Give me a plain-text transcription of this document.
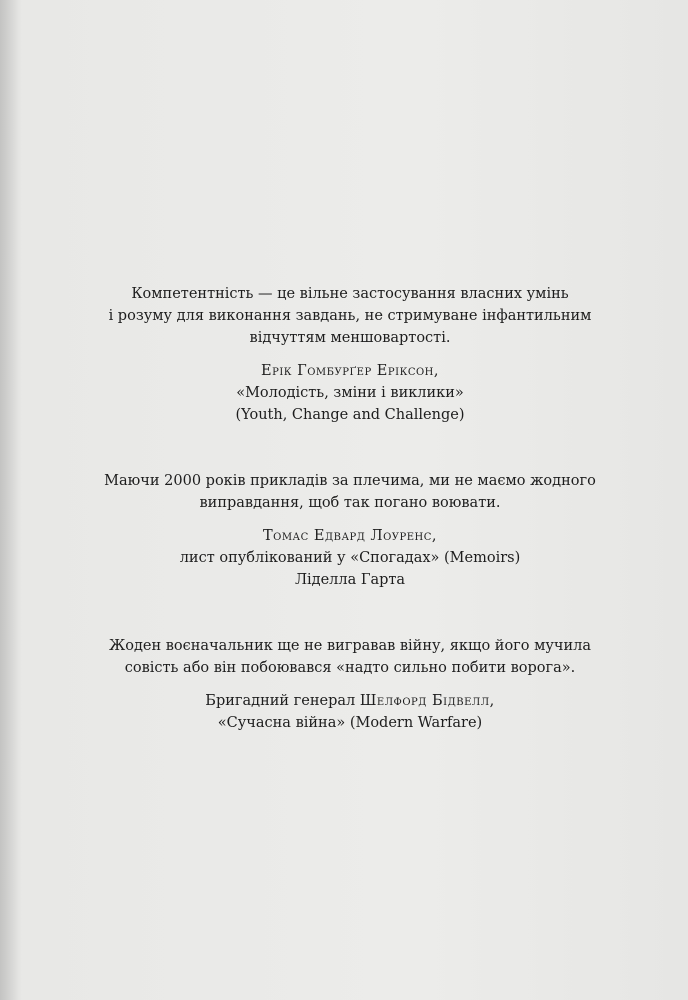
Компетентність — це вільне застосування власних умінь
і розуму для виконання завдань, не стримуване інфантильним
відчуттям меншовартості.
Ерік Гомбурґер Еріксон,
«Молодість, зміни і виклики»
(Youth, Change and Challenge)
Маючи 2000 років прикладів за плечима, ми не маємо жодного
виправдання, щоб так погано воювати.
Томас Едвард Лоуренс,
лист опублікований у «Спогадах» (Memoirs)
Ліделла Гарта
Жоден воєначальник ще не вигравав війну, якщо його мучила
совість або він побоювався «надто сильно побити ворога».
Бригадний генерал Шелфорд Бідвелл,
«Сучасна війна» (Modern Warfare)
